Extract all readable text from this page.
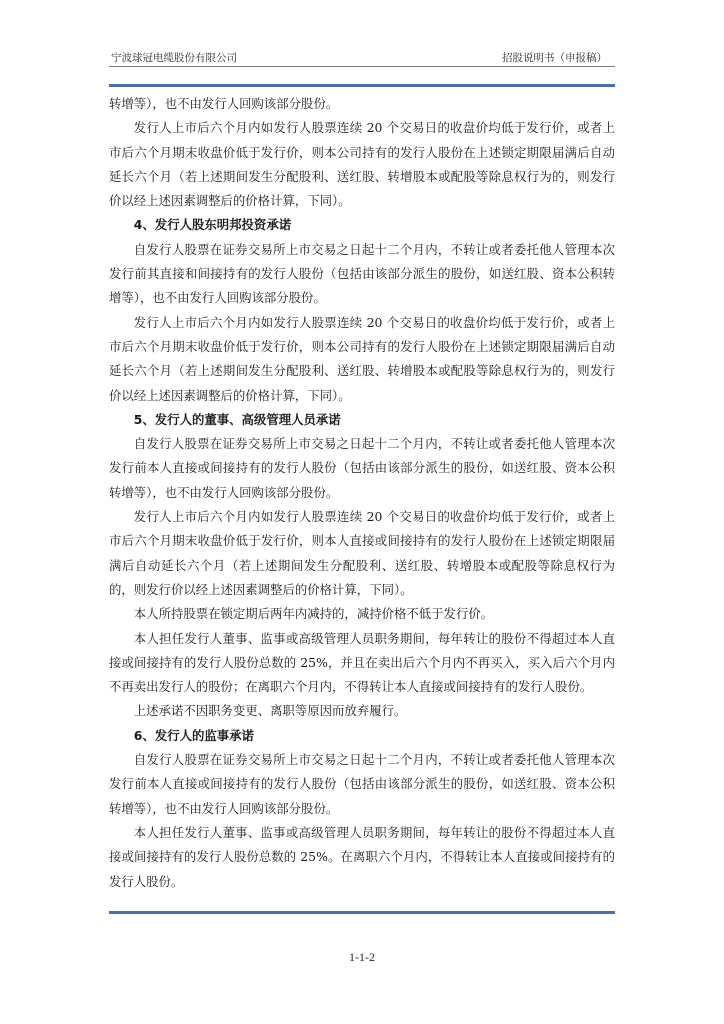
宁波球冠电缆股份有限公司	招股说明书（申报稿）

转增等），也不由发行人回购该部分股份。

发行人上市后六个月内如发行人股票连续 20 个交易日的收盘价均低于发行价，或者上市后六个月期末收盘价低于发行价，则本公司持有的发行人股份在上述锁定期限届满后自动延长六个月（若上述期间发生分配股利、送红股、转增股本或配股等除息权行为的，则发行价以经上述因素调整后的价格计算，下同）。

4、发行人股东明邦投资承诺

自发行人股票在证券交易所上市交易之日起十二个月内，不转让或者委托他人管理本次发行前其直接和间接持有的发行人股份（包括由该部分派生的股份，如送红股、资本公积转增等），也不由发行人回购该部分股份。

发行人上市后六个月内如发行人股票连续 20 个交易日的收盘价均低于发行价，或者上市后六个月期末收盘价低于发行价，则本公司持有的发行人股份在上述锁定期限届满后自动延长六个月（若上述期间发生分配股利、送红股、转增股本或配股等除息权行为的，则发行价以经上述因素调整后的价格计算，下同）。

5、发行人的董事、高级管理人员承诺

自发行人股票在证券交易所上市交易之日起十二个月内，不转让或者委托他人管理本次发行前本人直接或间接持有的发行人股份（包括由该部分派生的股份，如送红股、资本公积转增等），也不由发行人回购该部分股份。

发行人上市后六个月内如发行人股票连续 20 个交易日的收盘价均低于发行价，或者上市后六个月期末收盘价低于发行价，则本人直接或间接持有的发行人股份在上述锁定期限届满后自动延长六个月（若上述期间发生分配股利、送红股、转增股本或配股等除息权行为的，则发行价以经上述因素调整后的价格计算，下同）。

本人所持股票在锁定期后两年内减持的，减持价格不低于发行价。

本人担任发行人董事、监事或高级管理人员职务期间，每年转让的股份不得超过本人直接或间接持有的发行人股份总数的 25%，并且在卖出后六个月内不再买入，买入后六个月内不再卖出发行人的股份；在离职六个月内，不得转让本人直接或间接持有的发行人股份。

上述承诺不因职务变更、离职等原因而放弃履行。

6、发行人的监事承诺

自发行人股票在证券交易所上市交易之日起十二个月内，不转让或者委托他人管理本次发行前本人直接或间接持有的发行人股份（包括由该部分派生的股份，如送红股、资本公积转增等），也不由发行人回购该部分股份。

本人担任发行人董事、监事或高级管理人员职务期间，每年转让的股份不得超过本人直接或间接持有的发行人股份总数的 25%。在离职六个月内，不得转让本人直接或间接持有的发行人股份。

1-1-2
